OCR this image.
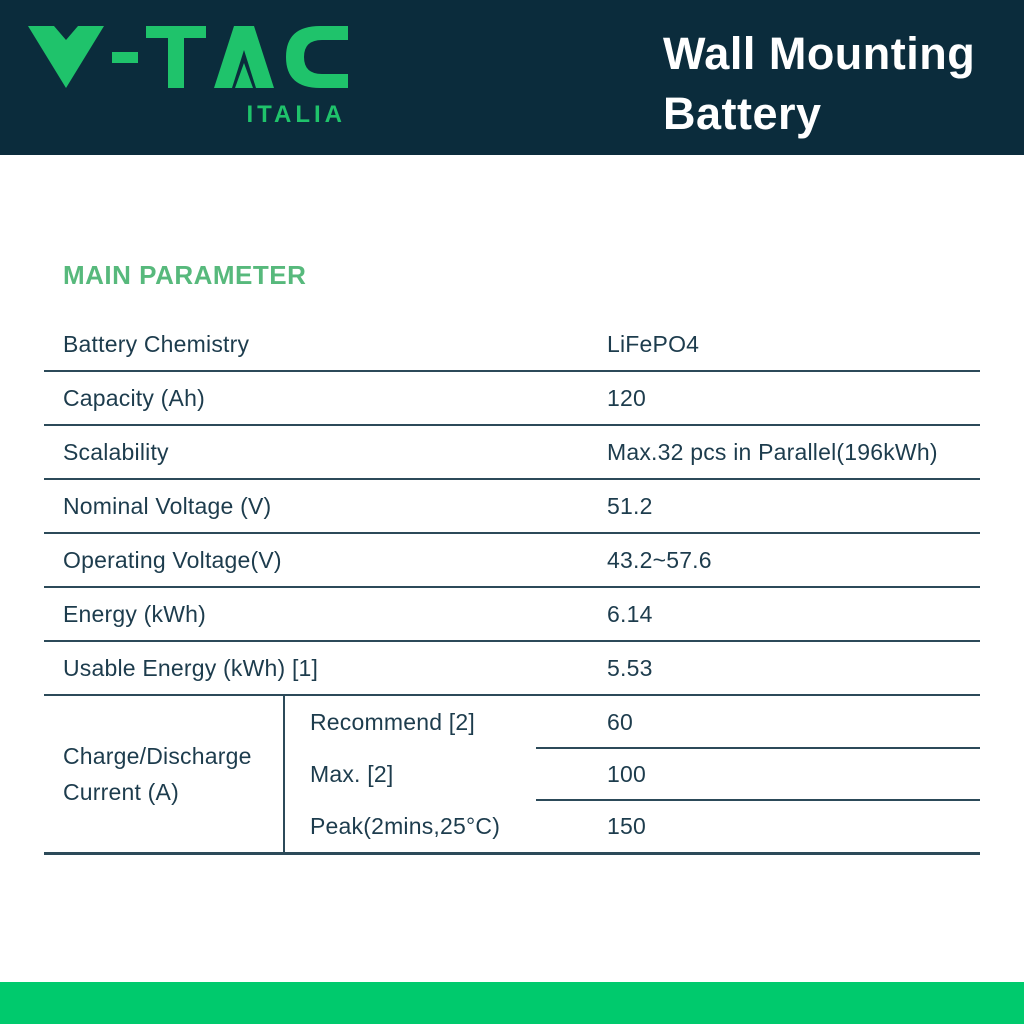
ITALIA
Wall Mounting
Battery
MAIN PARAMETER
Battery Chemistry	LiFePO4
Capacity (Ah)	120
Scalability	Max.32 pcs in Parallel(196kWh)
Nominal Voltage (V)	51.2
Operating Voltage(V)	43.2~57.6
Energy (kWh)	6.14
Usable Energy (kWh) [1]	5.53
Charge/Discharge
Current (A)
Recommend [2]	60
Max. [2]	100
Peak(2mins,25°C)	150
